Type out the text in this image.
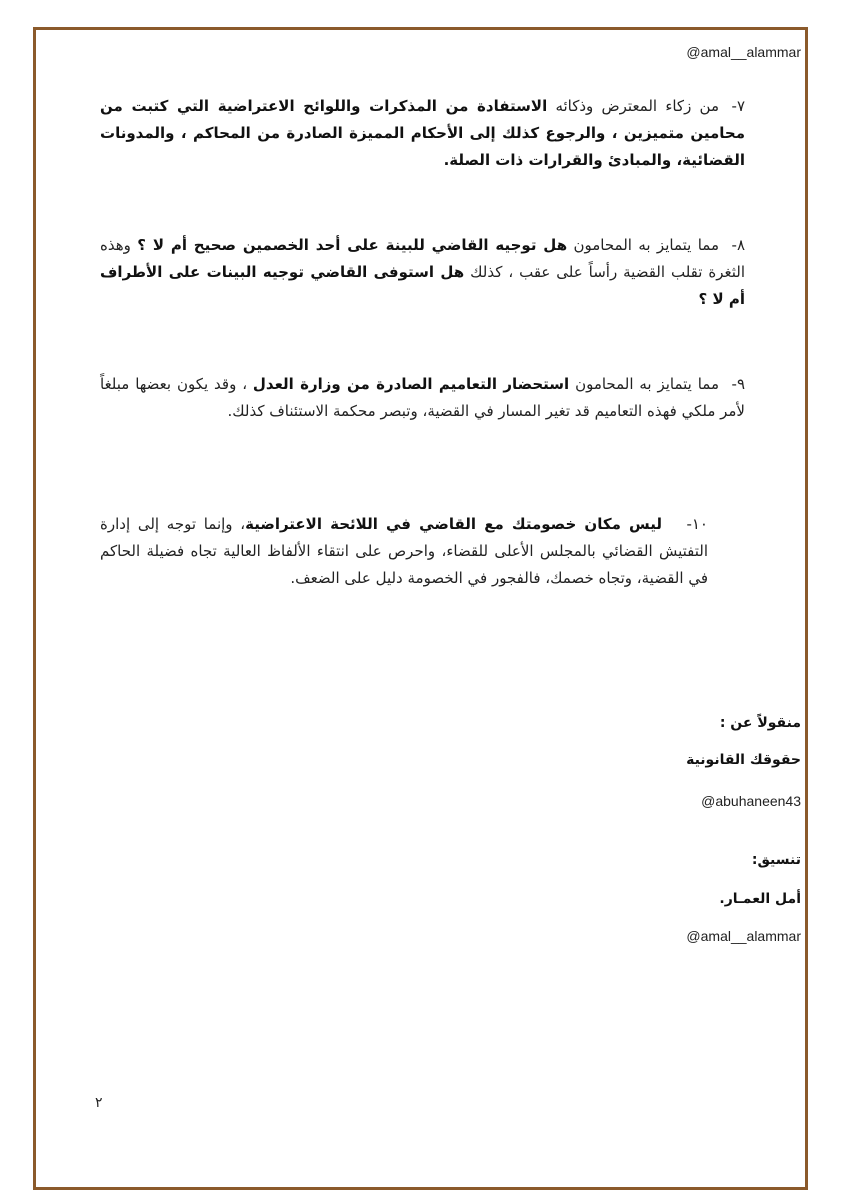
@amal__alammar
٧-من زكاء المعترض وذكائه الاستفادة من المذكرات واللوائح الاعتراضية التي كتبت من محامين متميزين ، والرجوع كذلك إلى الأحكام المميزة الصادرة من المحاكم ، والمدونات القضائية، والمبادئ والقرارات ذات الصلة.
٨-مما يتمايز به المحامون هل توجيه القاضي للبينة على أحد الخصمين صحيح أم لا ؟ وهذه الثغرة تقلب القضية رأساً على عقب ، كذلك هل استوفى القاضي توجيه البينات على الأطراف أم لا ؟
٩-مما يتمايز به المحامون استحضار التعاميم الصادرة من وزارة العدل ، وقد يكون بعضها مبلغاً لأمر ملكي فهذه التعاميم قد تغير المسار في القضية، وتبصر محكمة الاستئناف كذلك.
١٠-ليس مكان خصومتك مع القاضي في اللائحة الاعتراضية، وإنما توجه إلى إدارة التفتيش القضائي بالمجلس الأعلى للقضاء، واحرص على انتقاء الألفاظ العالية تجاه فضيلة الحاكم في القضية، وتجاه خصمك، فالفجور في الخصومة دليل على الضعف.
منقولاً عن :
حقوقك القانونية
@abuhaneen43
تنسيق:
أمل العمـار.
@amal__alammar
٢
